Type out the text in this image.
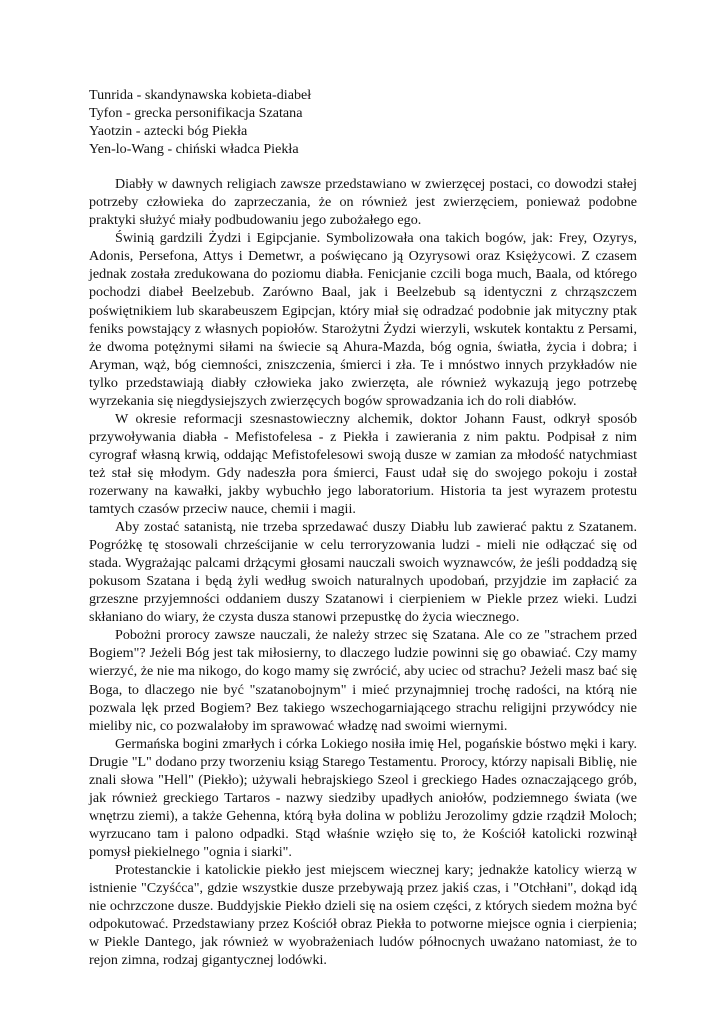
Tunrida - skandynawska kobieta-diabeł
Tyfon - grecka personifikacja Szatana
Yaotzin - aztecki bóg Piekła
Yen-lo-Wang - chiński władca Piekła

Diabły w dawnych religiach zawsze przedstawiano w zwierzęcej postaci, co dowodzi stałej potrzeby człowieka do zaprzeczania, że on również jest zwierzęciem, ponieważ podobne praktyki służyć miały podbudowaniu jego zubożałego ego.

Świnią gardzili Żydzi i Egipcjanie. Symbolizowała ona takich bogów, jak: Frey, Ozyrys, Adonis, Persefona, Attys i Demetwr, a poświęcano ją Ozyrysowi oraz Księżycowi. Z czasem jednak została zredukowana do poziomu diabła. Fenicjanie czcili boga much, Baala, od którego pochodzi diabeł Beelzebub. Zarówno Baal, jak i Beelzebub są identyczni z chrząszczem poświętnikiem lub skarabeuszem Egipcjan, który miał się odradzać podobnie jak mityczny ptak feniks powstający z własnych popiołów. Starożytni Żydzi wierzyli, wskutek kontaktu z Persami, że dwoma potężnymi siłami na świecie są Ahura-Mazda, bóg ognia, światła, życia i dobra; i Aryman, wąż, bóg ciemności, zniszczenia, śmierci i zła. Te i mnóstwo innych przykładów nie tylko przedstawiają diabły człowieka jako zwierzęta, ale również wykazują jego potrzebę wyrzekania się niegdysiejszych zwierzęcych bogów sprowadzania ich do roli diabłów.

W okresie reformacji szesnastowieczny alchemik, doktor Johann Faust, odkrył sposób przywoływania diabła - Mefistofelesa - z Piekła i zawierania z nim paktu. Podpisał z nim cyrograf własną krwią, oddając Mefistofelesowi swoją dusze w zamian za młodość natychmiast też stał się młodym. Gdy nadeszła pora śmierci, Faust udał się do swojego pokoju i został rozerwany na kawałki, jakby wybuchło jego laboratorium. Historia ta jest wyrazem protestu tamtych czasów przeciw nauce, chemii i magii.

Aby zostać satanistą, nie trzeba sprzedawać duszy Diabłu lub zawierać paktu z Szatanem. Pogróżkę tę stosowali chrześcijanie w celu terroryzowania ludzi - mieli nie odłączać się od stada. Wygrażając palcami drżącymi głosami nauczali swoich wyznawców, że jeśli poddadzą się pokusom Szatana i będą żyli według swoich naturalnych upodobań, przyjdzie im zapłacić za grzeszne przyjemności oddaniem duszy Szatanowi i cierpieniem w Piekle przez wieki. Ludzi skłaniano do wiary, że czysta dusza stanowi przepustkę do życia wiecznego.

Pobożni prorocy zawsze nauczali, że należy strzec się Szatana. Ale co ze "strachem przed Bogiem"? Jeżeli Bóg jest tak miłosierny, to dlaczego ludzie powinni się go obawiać. Czy mamy wierzyć, że nie ma nikogo, do kogo mamy się zwrócić, aby uciec od strachu? Jeżeli masz bać się Boga, to dlaczego nie być "szatanobojnym" i mieć przynajmniej trochę radości, na którą nie pozwala lęk przed Bogiem? Bez takiego wszechogarniającego strachu religijni przywódcy nie mieliby nic, co pozwalałoby im sprawować władzę nad swoimi wiernymi.

Germańska bogini zmarłych i córka Lokiego nosiła imię Hel, pogańskie bóstwo męki i kary. Drugie "L" dodano przy tworzeniu ksiąg Starego Testamentu. Prorocy, którzy napisali Biblię, nie znali słowa "Hell" (Piekło); używali hebrajskiego Szeol i greckiego Hades oznaczającego grób, jak również greckiego Tartaros - nazwy siedziby upadłych aniołów, podziemnego świata (we wnętrzu ziemi), a także Gehenna, którą była dolina w pobliżu Jerozolimy gdzie rządził Moloch; wyrzucano tam i palono odpadki. Stąd właśnie wzięło się to, że Kościół katolicki rozwinął pomysł piekielnego "ognia i siarki".

Protestanckie i katolickie piekło jest miejscem wiecznej kary; jednakże katolicy wierzą w istnienie "Czyśćca", gdzie wszystkie dusze przebywają przez jakiś czas, i "Otchłani", dokąd idą nie ochrzczone dusze. Buddyjskie Piekło dzieli się na osiem części, z których siedem można być odpokutować. Przedstawiany przez Kościół obraz Piekła to potworne miejsce ognia i cierpienia; w Piekle Dantego, jak również w wyobrażeniach ludów północnych uważano natomiast, że to rejon zimna, rodzaj gigantycznej lodówki.
